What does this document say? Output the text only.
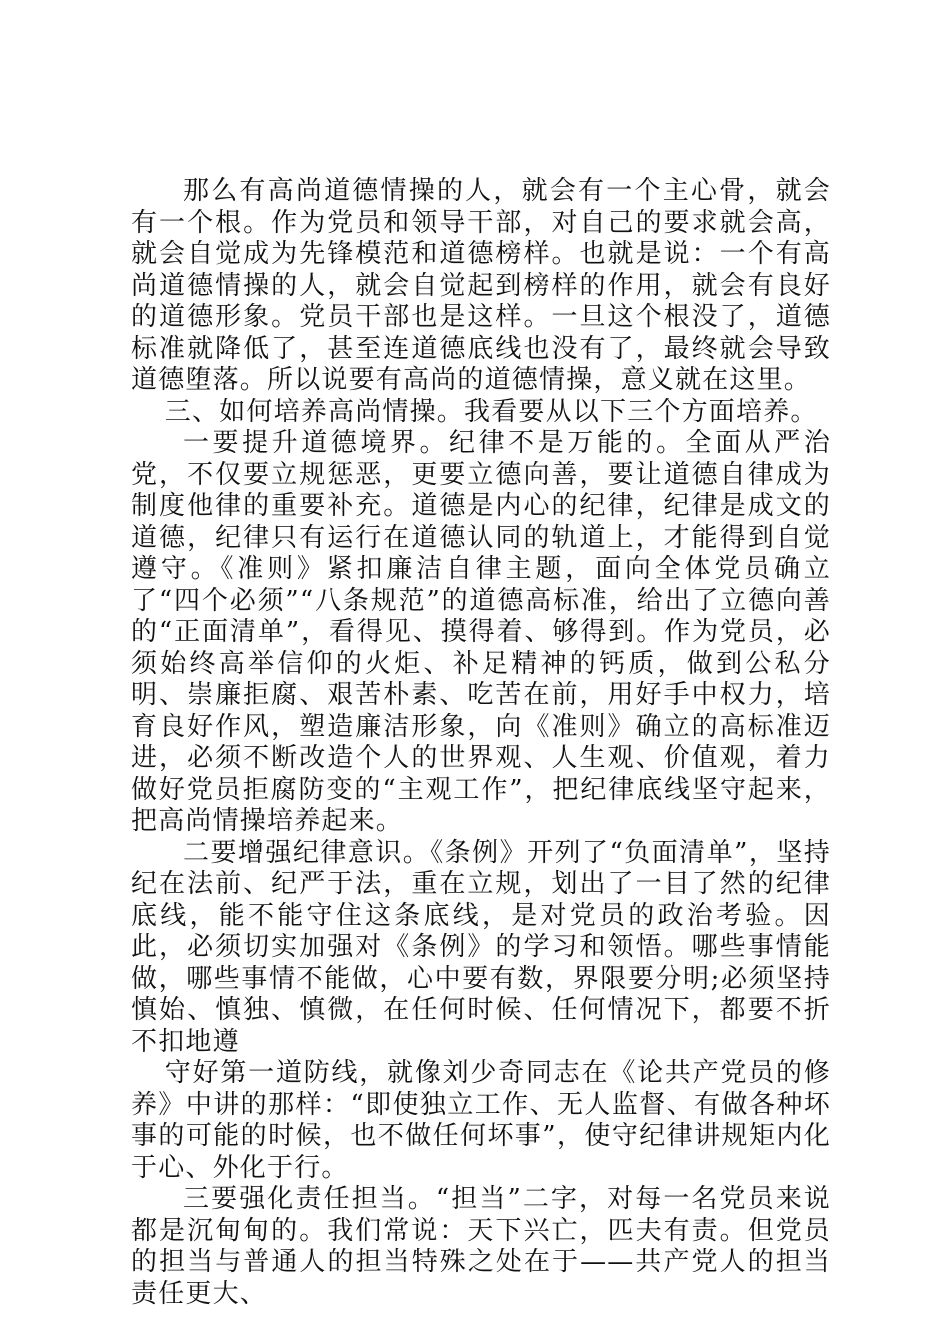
那么有高尚道德情操的人，就会有一个主心骨，就会有一个根。作为党员和领导干部，对自己的要求就会高，就会自觉成为先锋模范和道德榜样。也就是说：一个有高尚道德情操的人，就会自觉起到榜样的作用，就会有良好的道德形象。党员干部也是这样。一旦这个根没了，道德标准就降低了，甚至连道德底线也没有了，最终就会导致道德堕落。所以说要有高尚的道德情操，意义就在这里。

三、如何培养高尚情操。我看要从以下三个方面培养。

一要提升道德境界。纪律不是万能的。全面从严治党，不仅要立规惩恶，更要立德向善，要让道德自律成为制度他律的重要补充。道德是内心的纪律，纪律是成文的道德，纪律只有运行在道德认同的轨道上，才能得到自觉遵守。《准则》紧扣廉洁自律主题，面向全体党员确立了“四个必须”“八条规范”的道德高标准，给出了立德向善的“正面清单”，看得见、摸得着、够得到。作为党员，必须始终高举信仰的火炬、补足精神的钙质，做到公私分明、崇廉拒腐、艰苦朴素、吃苦在前，用好手中权力，培育良好作风，塑造廉洁形象，向《准则》确立的高标准迈进，必须不断改造个人的世界观、人生观、价值观，着力做好党员拒腐防变的“主观工作”，把纪律底线坚守起来，把高尚情操培养起来。

二要增强纪律意识。《条例》开列了“负面清单”，坚持纪在法前、纪严于法，重在立规，划出了一目了然的纪律底线，能不能守住这条底线，是对党员的政治考验。因此，必须切实加强对《条例》的学习和领悟。哪些事情能做，哪些事情不能做，心中要有数，界限要分明;必须坚持慎始、慎独、慎微，在任何时候、任何情况下，都要不折不扣地遵

守好第一道防线，就像刘少奇同志在《论共产党员的修养》中讲的那样：“即使独立工作、无人监督、有做各种坏事的可能的时候，也不做任何坏事”，使守纪律讲规矩内化于心、外化于行。

三要强化责任担当。“担当”二字，对每一名党员来说都是沉甸甸的。我们常说：天下兴亡，匹夫有责。但党员的担当与普通人的担当特殊之处在于——共产党人的担当责任更大、
